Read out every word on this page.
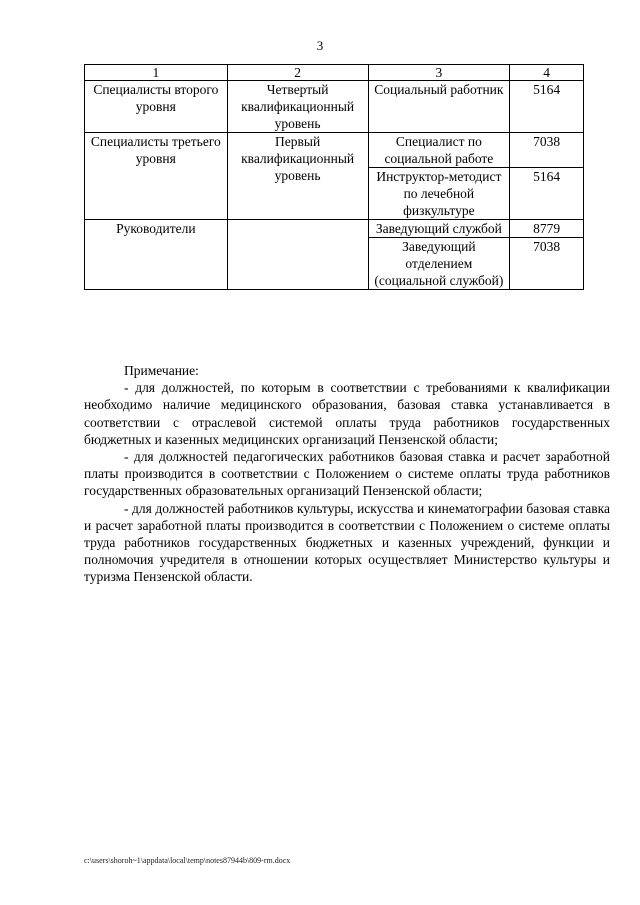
3
1	2	3	4
Специалисты второго уровня	Четвертый квалификационный уровень	Социальный работник	5164
Специалисты третьего уровня	Первый квалификационный уровень	Специалист по социальной работе	7038
		Инструктор-методист по лечебной физкультуре	5164
Руководители		Заведующий службой	8779
		Заведующий отделением (социальной службой)	7038

Примечание:

- для должностей, по которым в соответствии с требованиями к квалификации необходимо наличие медицинского образования, базовая ставка устанавливается в соответствии с отраслевой системой оплаты труда работников государственных бюджетных и казенных медицинских организаций Пензенской области;

- для должностей педагогических работников базовая ставка и расчет заработной платы производится в соответствии с Положением о системе оплаты труда работников государственных образовательных организаций Пензенской области;

- для должностей работников культуры, искусства и кинематографии базовая ставка и расчет заработной платы производится в соответствии с Положением о системе оплаты труда работников государственных бюджетных и казенных учреждений, функции и полномочия учредителя в отношении которых осуществляет Министерство культуры и туризма Пензенской области.

c:\users\shoroh~1\appdata\local\temp\notes87944b\809-rm.docx
